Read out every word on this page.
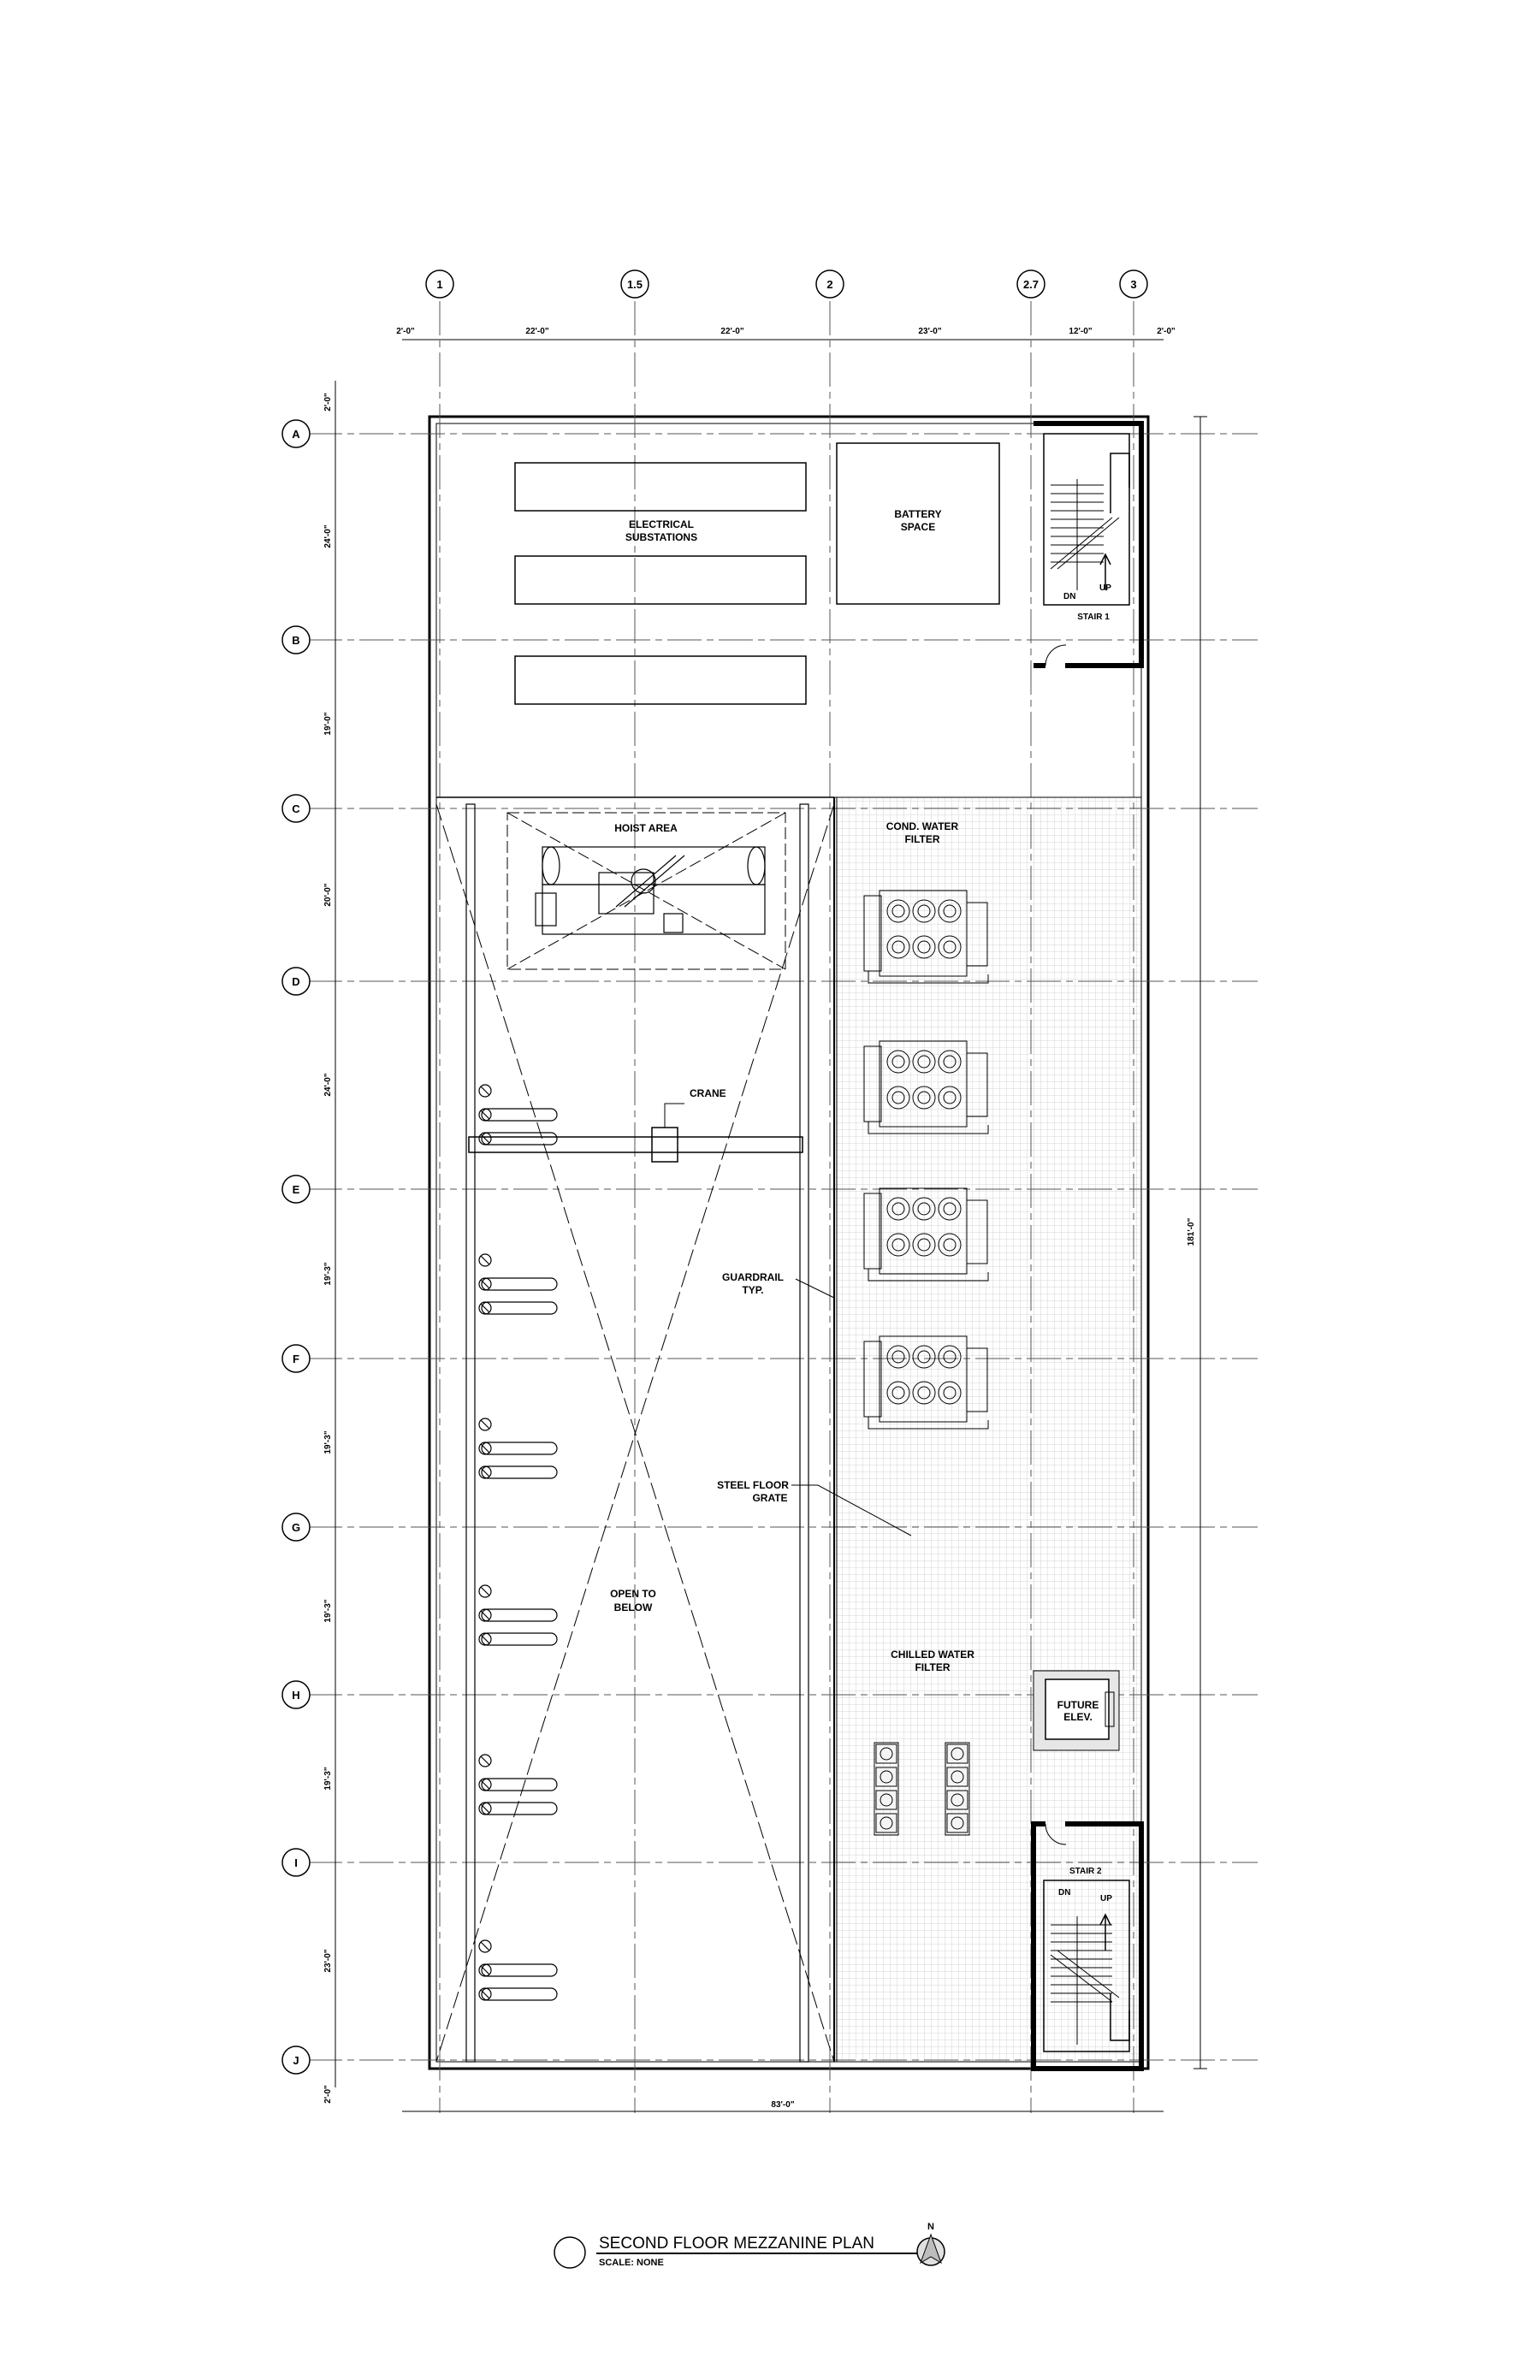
2'-0"	22'-0"	22'-0"	23'-0"	12'-0"	2'-0"
2'-0"
24'-0"
19'-0"
20'-0"
24'-0"
19'-3"
19'-3"
19'-3"
19'-3"
23'-0"
2'-0"
83'-0"
181'-0"
1	1.5	2	2.7	3
A
B
C
D
E
F
G
H
I
J
ELECTRICAL SUBSTATIONS
BATTERY SPACE
DN
UP
STAIR 1
HOIST AREA
CRANE
COND. WATER FILTER
GUARDRAIL TYP.
STEEL FLOOR GRATE
OPEN TO BELOW
CHILLED WATER FILTER
FUTURE ELEV.
STAIR 2
DN
UP
SECOND FLOOR MEZZANINE PLAN
SCALE: NONE
N
